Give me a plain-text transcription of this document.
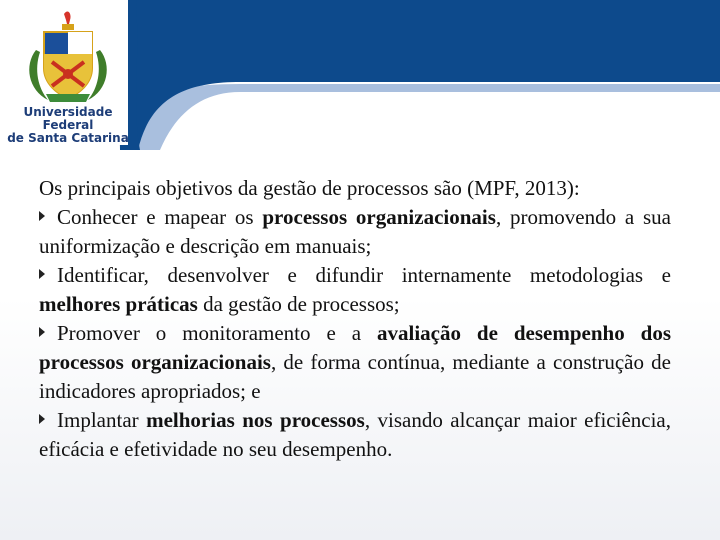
Universidade Federal
de Santa Catarina

Os principais objetivos da gestão de processos são (MPF, 2013):

Conhecer e mapear os processos organizacionais, promovendo a sua uniformização e descrição em manuais;

Identificar, desenvolver e difundir internamente metodologias e melhores práticas da gestão de processos;

Promover o monitoramento e a avaliação de desempenho dos processos organizacionais, de forma contínua, mediante a construção de indicadores apropriados; e

Implantar melhorias nos processos, visando alcançar maior eficiência, eficácia e efetividade no seu desempenho.
